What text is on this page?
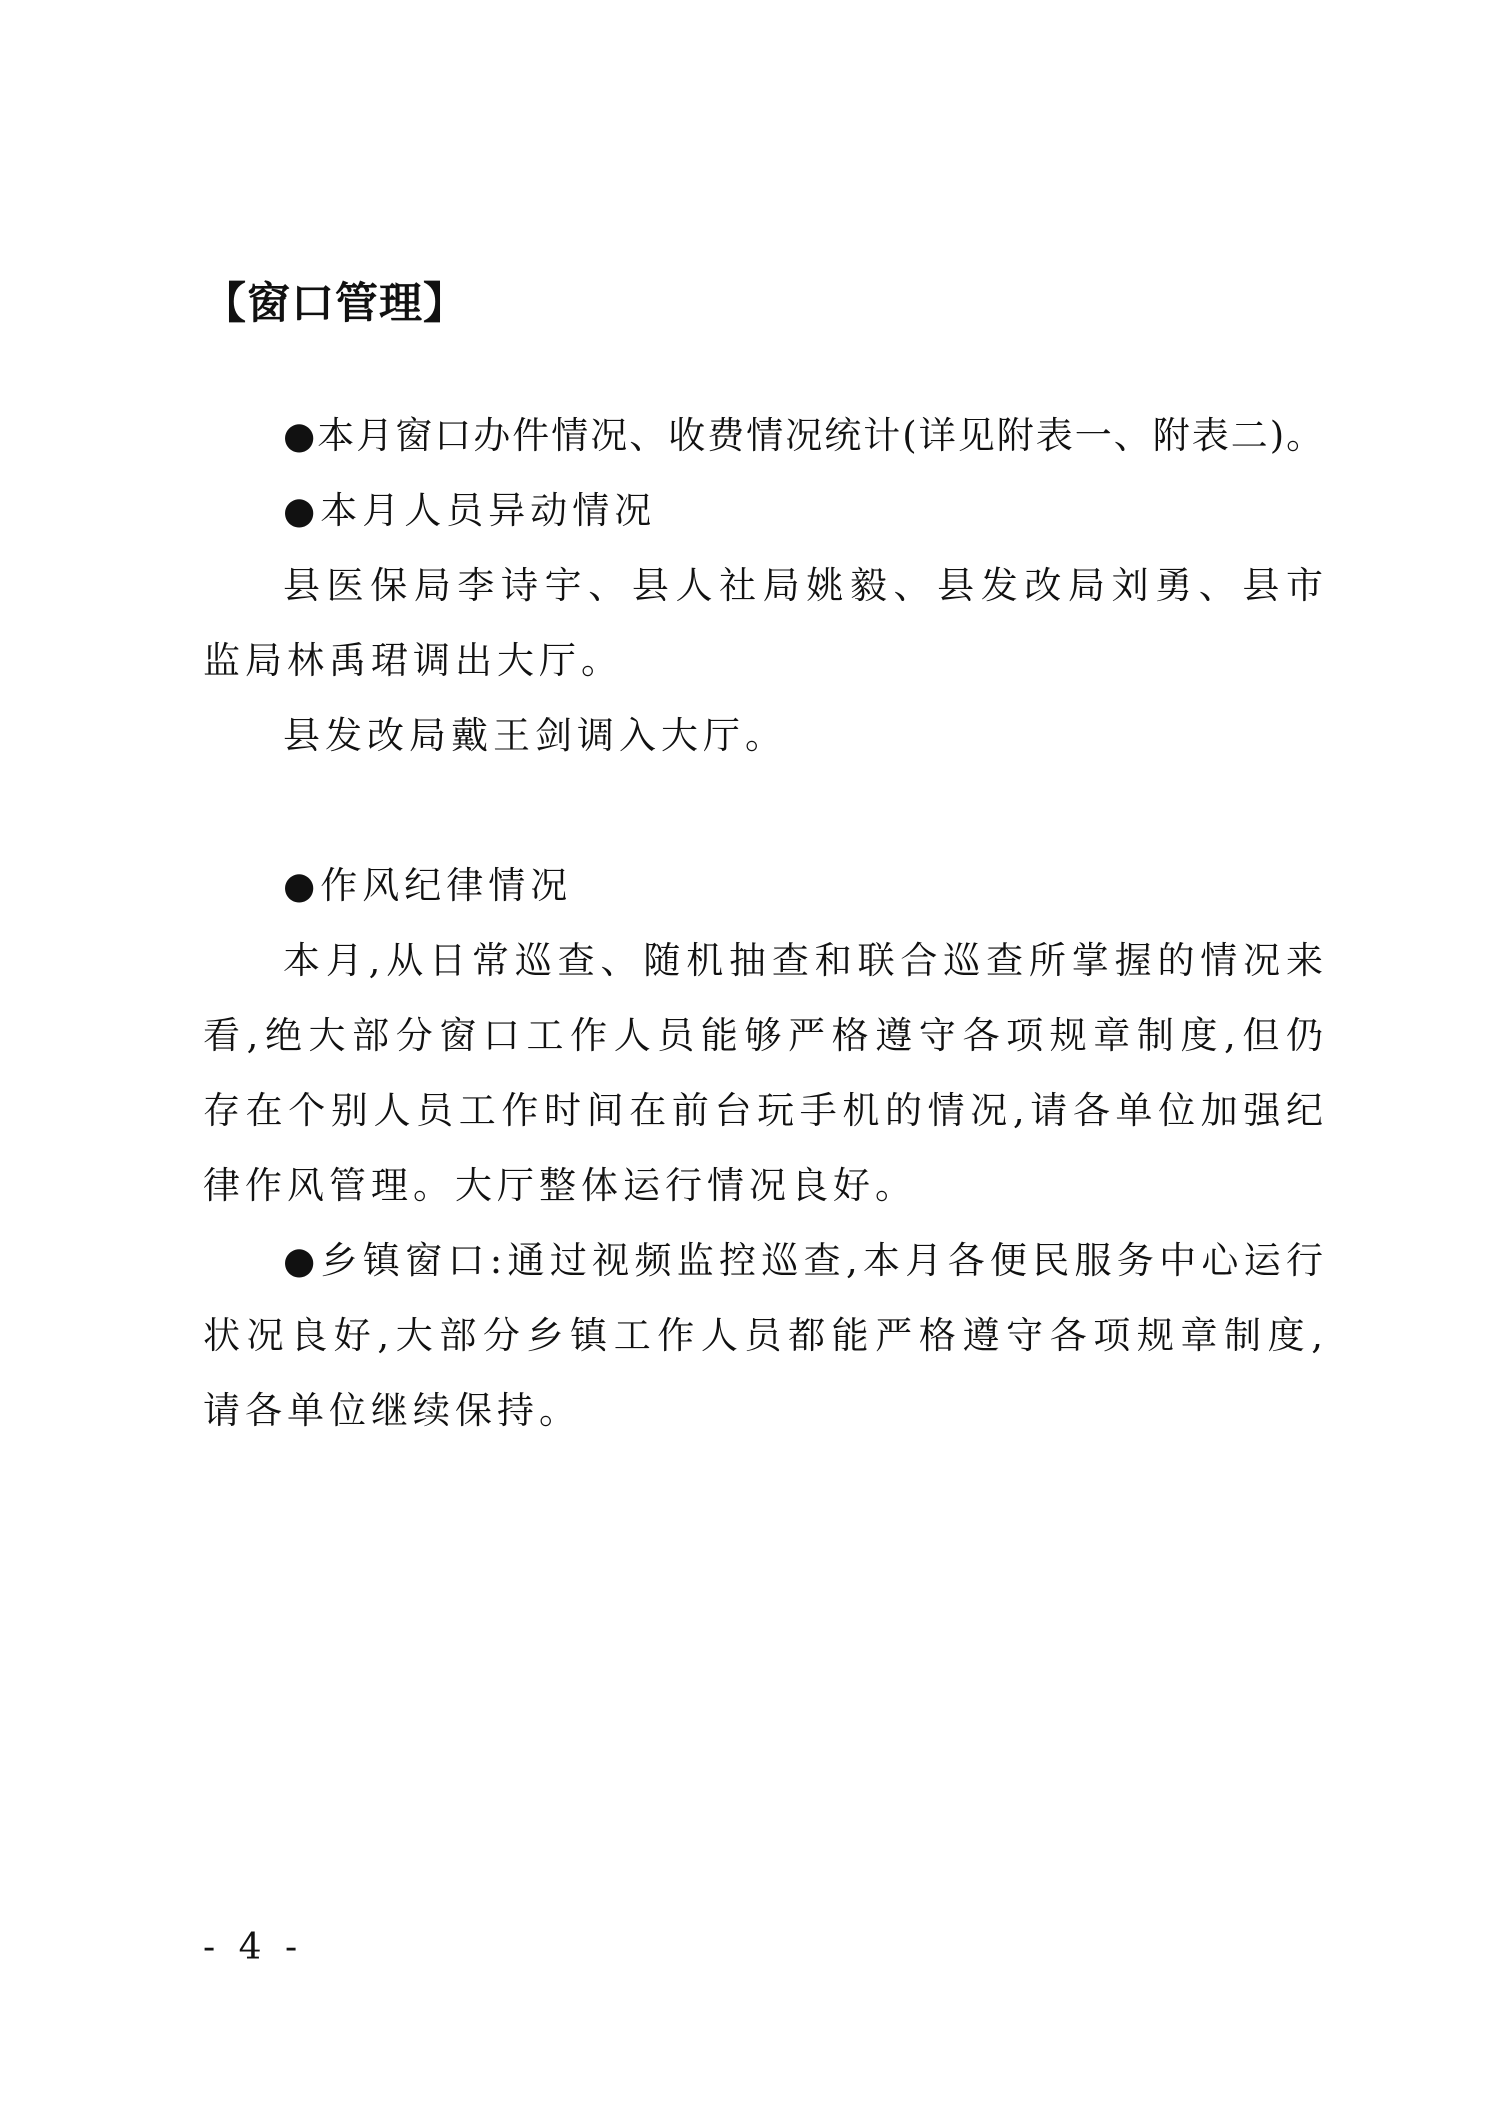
【窗口管理】

●本月窗口办件情况、收费情况统计(详见附表一、附表二)。

●本月人员异动情况

县医保局李诗宇、县人社局姚毅、县发改局刘勇、县市监局林禹珺调出大厅。

县发改局戴王剑调入大厅。

●作风纪律情况

本月,从日常巡查、随机抽查和联合巡查所掌握的情况来看,绝大部分窗口工作人员能够严格遵守各项规章制度,但仍存在个别人员工作时间在前台玩手机的情况,请各单位加强纪律作风管理。大厅整体运行情况良好。

●乡镇窗口:通过视频监控巡查,本月各便民服务中心运行状况良好,大部分乡镇工作人员都能严格遵守各项规章制度,请各单位继续保持。

- 4 -
